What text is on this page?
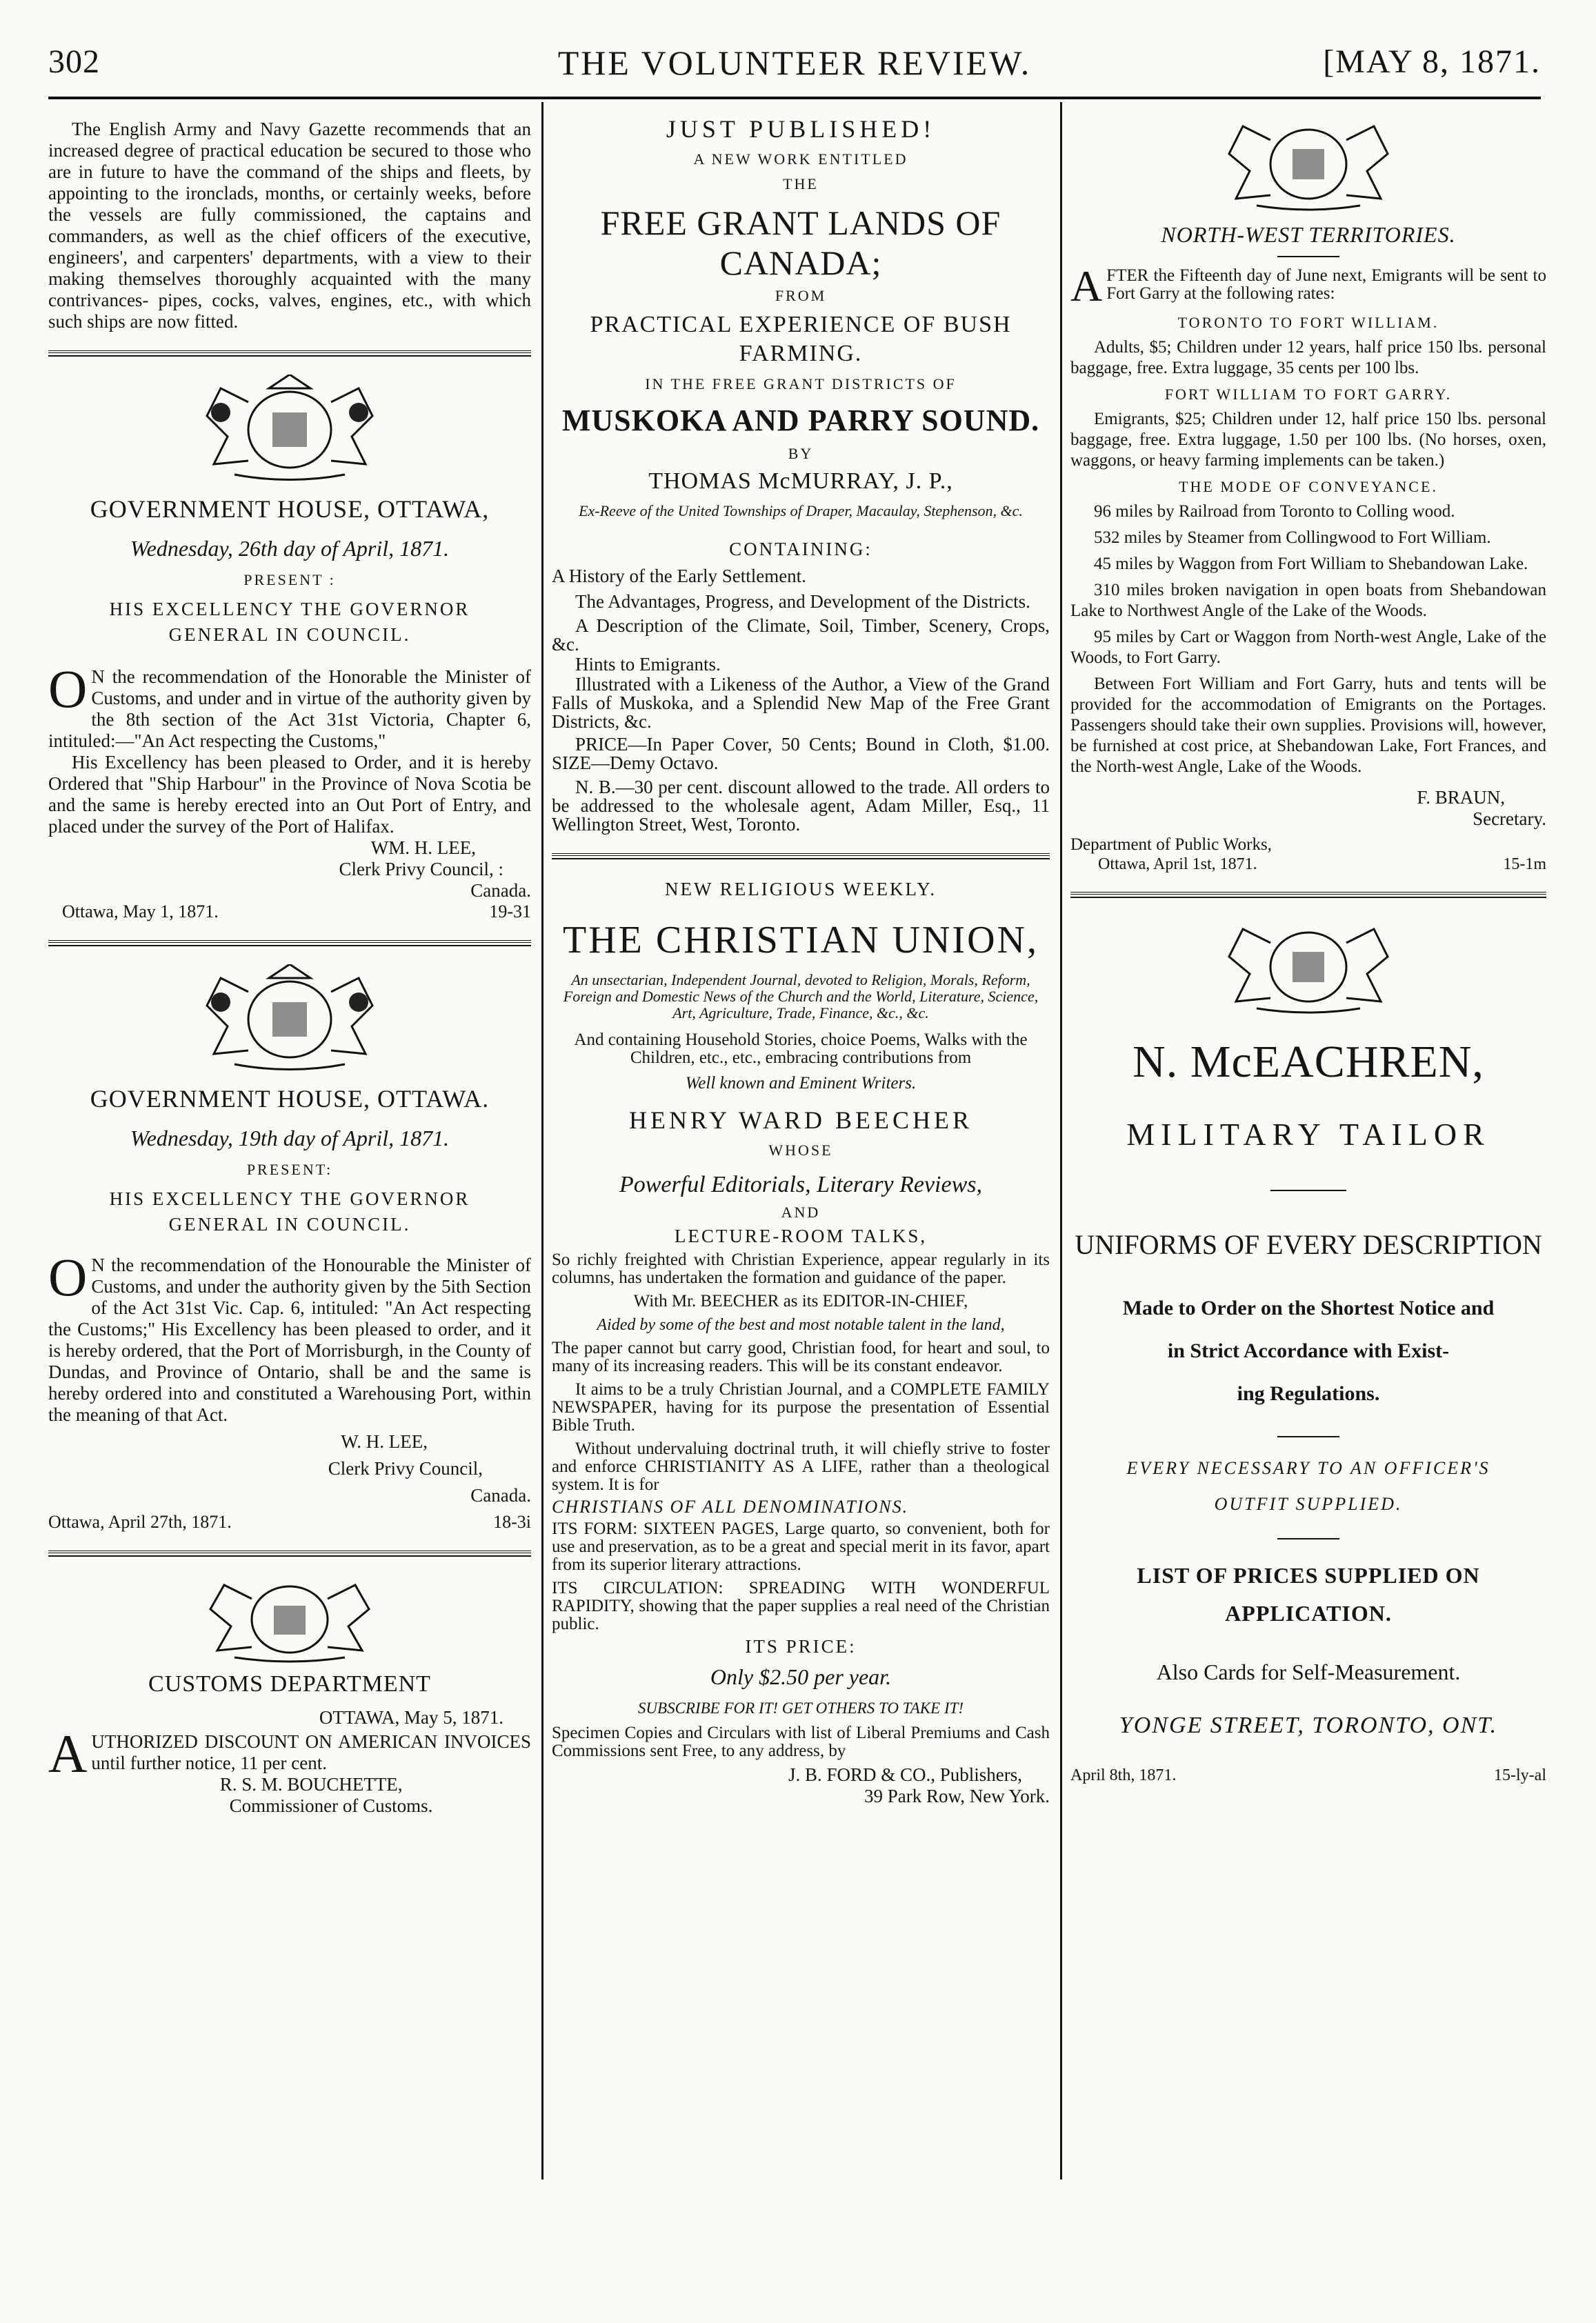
302	THE VOLUNTEER REVIEW.	[MAY 8, 1871.

The English Army and Navy Gazette recommends that an increased degree of practical education be secured to those who are in future to have the command of the ships and fleets, by appointing to the ironclads, months, or certainly weeks, before the vessels are fully commissioned, the captains and commanders, as well as the chief officers of the executive, engineers', and carpenters' departments, with a view to their making themselves thoroughly acquainted with the many contrivances- pipes, cocks, valves, engines, etc., with which such ships are now fitted.

GOVERNMENT HOUSE, OTTAWA,

Wednesday, 26th day of April, 1871.

PRESENT :

HIS EXCELLENCY THE GOVERNOR

GENERAL IN COUNCIL.

O N the recommendation of the Honorable the Minister of Customs, and under and in virtue of the authority given by the 8th section of the Act 31st Victoria, Chapter 6, intituled:—"An Act respecting the Customs,"

His Excellency has been pleased to Order, and it is hereby Ordered that "Ship Harbour" in the Province of Nova Scotia be and the same is hereby erected into an Out Port of Entry, and placed under the survey of the Port of Halifax.

WM. H. LEE,

Clerk Privy Council, :

Canada.

Ottawa, May 1, 1871.	19-31

GOVERNMENT HOUSE, OTTAWA.

Wednesday, 19th day of April, 1871.

PRESENT:

HIS EXCELLENCY THE GOVERNOR

GENERAL IN COUNCIL.

O N the recommendation of the Honourable the Minister of Customs, and under the authority given by the 5ith Section of the Act 31st Vic. Cap. 6, intituled: "An Act respecting the Customs;" His Excellency has been pleased to order, and it is hereby ordered, that the Port of Morrisburgh, in the County of Dundas, and Province of Ontario, shall be and the same is hereby ordered into and constituted a Warehousing Port, within the meaning of that Act.

W. H. LEE,

Clerk Privy Council,

Canada.

Ottawa, April 27th, 1871.	18-3i

CUSTOMS DEPARTMENT

OTTAWA, May 5, 1871.

A UTHORIZED DISCOUNT ON AMERICAN INVOICES until further notice, 11 per cent.

R. S. M. BOUCHETTE,

Commissioner of Customs.

JUST PUBLISHED!

A NEW WORK ENTITLED

THE

FREE GRANT LANDS OF CANADA;

FROM

PRACTICAL EXPERIENCE OF BUSH FARMING.

IN THE FREE GRANT DISTRICTS OF

MUSKOKA AND PARRY SOUND.

BY

THOMAS McMURRAY, J. P.,

Ex-Reeve of the United Townships of Draper, Macaulay, Stephenson, &c.

CONTAINING:

A History of the Early Settlement.

The Advantages, Progress, and Development of the Districts.

A Description of the Climate, Soil, Timber, Scenery, Crops, &c.

Hints to Emigrants.

Illustrated with a Likeness of the Author, a View of the Grand Falls of Muskoka, and a Splendid New Map of the Free Grant Districts, &c.

PRICE—In Paper Cover, 50 Cents; Bound in Cloth, $1.00. SIZE—Demy Octavo.

N. B.—30 per cent. discount allowed to the trade. All orders to be addressed to the wholesale agent, Adam Miller, Esq., 11 Wellington Street, West, Toronto.

NEW RELIGIOUS WEEKLY.

THE CHRISTIAN UNION,

An unsectarian, Independent Journal, devoted to Religion, Morals, Reform, Foreign and Domestic News of the Church and the World, Literature, Science, Art, Agriculture, Trade, Finance, &c., &c.

And containing Household Stories, choice Poems, Walks with the Children, etc., etc., embracing contributions from

Well known and Eminent Writers.

HENRY WARD BEECHER

WHOSE

Powerful Editorials, Literary Reviews,

AND

LECTURE-ROOM TALKS,

So richly freighted with Christian Experience, appear regularly in its columns, has undertaken the formation and guidance of the paper.

With Mr. BEECHER as its EDITOR-IN-CHIEF,

Aided by some of the best and most notable talent in the land,

The paper cannot but carry good, Christian food, for heart and soul, to many of its increasing readers. This will be its constant endeavor.

It aims to be a truly Christian Journal, and a COMPLETE FAMILY NEWSPAPER, having for its purpose the presentation of Essential Bible Truth.

Without undervaluing doctrinal truth, it will chiefly strive to foster and enforce CHRISTIANITY AS A LIFE, rather than a theological system. It is for

CHRISTIANS OF ALL DENOMINATIONS.

ITS FORM: SIXTEEN PAGES, Large quarto, so convenient, both for use and preservation, as to be a great and special merit in its favor, apart from its superior literary attractions.

ITS CIRCULATION: SPREADING WITH WONDERFUL RAPIDITY, showing that the paper supplies a real need of the Christian public.

ITS PRICE:

Only $2.50 per year.

SUBSCRIBE FOR IT! GET OTHERS TO TAKE IT!

Specimen Copies and Circulars with list of Liberal Premiums and Cash Commissions sent Free, to any address, by

J. B. FORD & CO., Publishers,

39 Park Row, New York.

NORTH-WEST TERRITORIES.

A FTER the Fifteenth day of June next, Emigrants will be sent to Fort Garry at the following rates:

TORONTO TO FORT WILLIAM.

Adults, $5; Children under 12 years, half price 150 lbs. personal baggage, free. Extra luggage, 35 cents per 100 lbs.

FORT WILLIAM TO FORT GARRY.

Emigrants, $25; Children under 12, half price 150 lbs. personal baggage, free. Extra luggage, 1.50 per 100 lbs. (No horses, oxen, waggons, or heavy farming implements can be taken.)

THE MODE OF CONVEYANCE.

96 miles by Railroad from Toronto to Colling wood.

532 miles by Steamer from Collingwood to Fort William.

45 miles by Waggon from Fort William to Shebandowan Lake.

310 miles broken navigation in open boats from Shebandowan Lake to Northwest Angle of the Lake of the Woods.

95 miles by Cart or Waggon from North-west Angle, Lake of the Woods, to Fort Garry.

Between Fort William and Fort Garry, huts and tents will be provided for the accommodation of Emigrants on the Portages. Passengers should take their own supplies. Provisions will, however, be furnished at cost price, at Shebandowan Lake, Fort Frances, and the North-west Angle, Lake of the Woods.

F. BRAUN,

Secretary.

Department of Public Works,

Ottawa, April 1st, 1871.	15-1m

N. McEACHREN,

MILITARY TAILOR

UNIFORMS OF EVERY DESCRIPTION

Made to Order on the Shortest Notice and

in Strict Accordance with Exist-

ing Regulations.

EVERY NECESSARY TO AN OFFICER'S

OUTFIT SUPPLIED.

LIST OF PRICES SUPPLIED ON

APPLICATION.

Also Cards for Self-Measurement.

YONGE STREET, TORONTO, ONT.

April 8th, 1871.	15-ly-al
